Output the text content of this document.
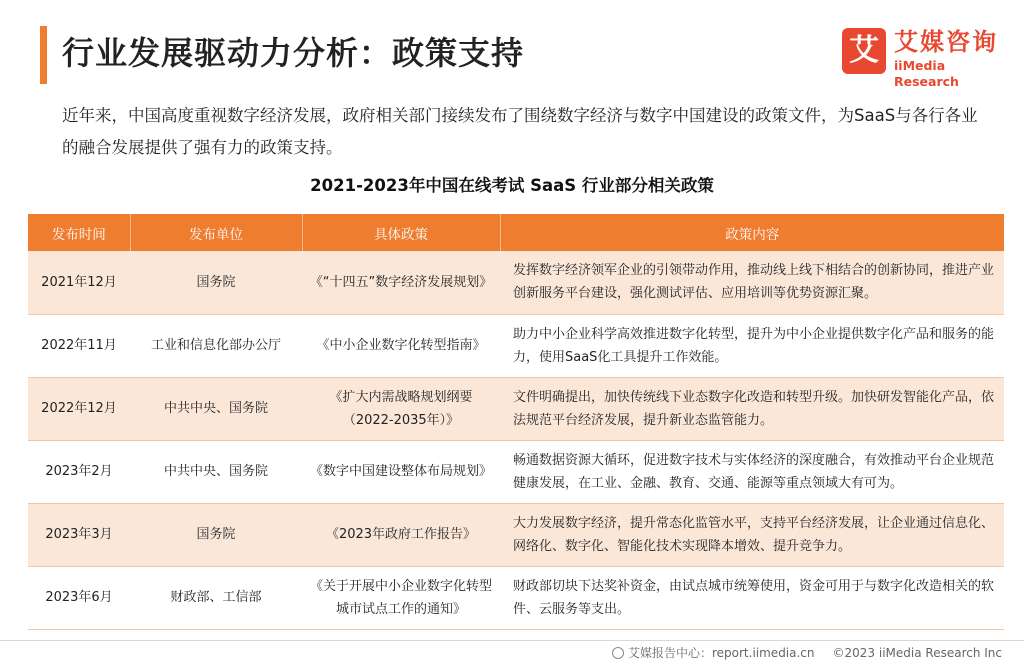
行业发展驱动力分析：政策支持	艾 艾媒咨询
iiMedia Research

近年来，中国高度重视数字经济发展，政府相关部门接续发布了围绕数字经济与数字中国建设的政策文件，为SaaS与各行各业的融合发展提供了强有力的政策支持。

2021-2023年中国在线考试 SaaS 行业部分相关政策
发布时间	发布单位	具体政策	政策内容
2021年12月	国务院	《“十四五”数字经济发展规划》	发挥数字经济领军企业的引领带动作用，推动线上线下相结合的创新协同，推进产业创新服务平台建设，强化测试评估、应用培训等优势资源汇聚。
2022年11月	工业和信息化部办公厅	《中小企业数字化转型指南》	助力中小企业科学高效推进数字化转型，提升为中小企业提供数字化产品和服务的能力，使用SaaS化工具提升工作效能。
2022年12月	中共中央、国务院	《扩大内需战略规划纲要（2022-2035年）》	文件明确提出，加快传统线下业态数字化改造和转型升级。加快研发智能化产品，依法规范平台经济发展，提升新业态监管能力。
2023年2月	中共中央、国务院	《数字中国建设整体布局规划》	畅通数据资源大循环，促进数字技术与实体经济的深度融合，有效推动平台企业规范健康发展，在工业、金融、教育、交通、能源等重点领域大有可为。
2023年3月	国务院	《2023年政府工作报告》	大力发展数字经济，提升常态化监管水平，支持平台经济发展，让企业通过信息化、网络化、数字化、智能化技术实现降本增效、提升竞争力。
2023年6月	财政部、工信部	《关于开展中小企业数字化转型城市试点工作的通知》	财政部切块下达奖补资金，由试点城市统筹使用，资金可用于与数字化改造相关的软件、云服务等支出。
艾媒报告中心：report.iimedia.cn ©2023 iiMedia Research Inc
